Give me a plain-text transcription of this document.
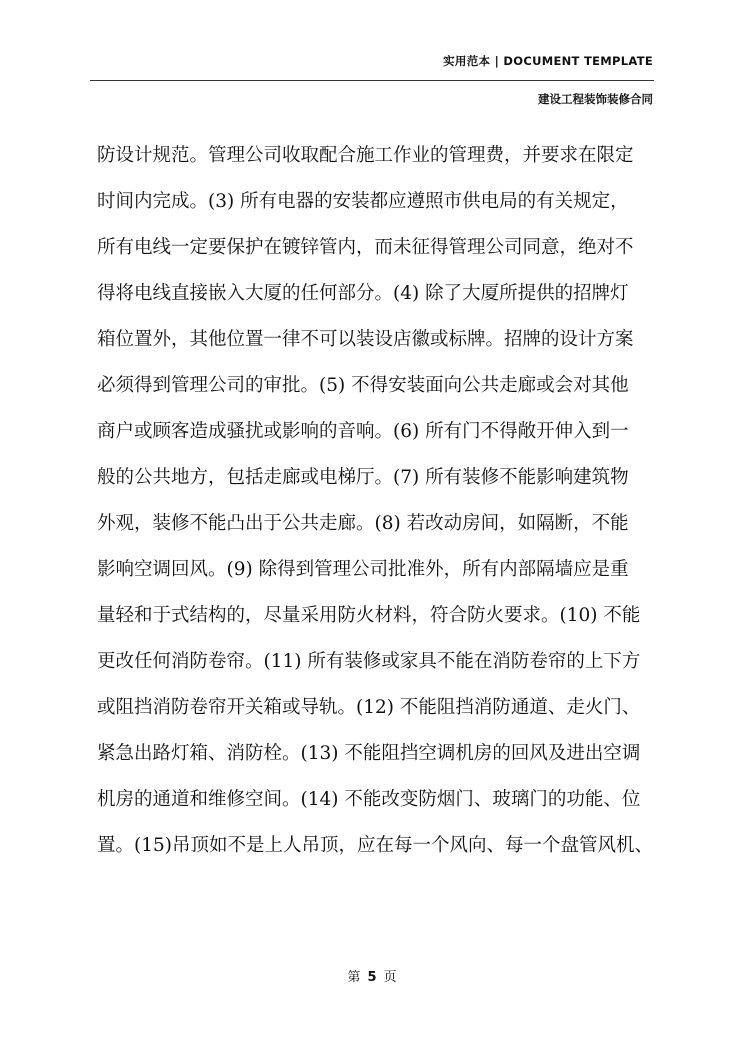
实用范本 | DOCUMENT TEMPLATE
建设工程装饰装修合同
防设计规范。管理公司收取配合施工作业的管理费，并要求在限定
时间内完成。(3) 所有电器的安装都应遵照市供电局的有关规定，
所有电线一定要保护在镀锌管内，而未征得管理公司同意，绝对不
得将电线直接嵌入大厦的任何部分。(4) 除了大厦所提供的招牌灯
箱位置外，其他位置一律不可以装设店徽或标牌。招牌的设计方案
必须得到管理公司的审批。(5) 不得安装面向公共走廊或会对其他
商户或顾客造成骚扰或影响的音响。(6) 所有门不得敞开伸入到一
般的公共地方，包括走廊或电梯厅。(7) 所有装修不能影响建筑物
外观，装修不能凸出于公共走廊。(8) 若改动房间，如隔断，不能
影响空调回风。(9) 除得到管理公司批准外，所有内部隔墙应是重
量轻和于式结构的，尽量采用防火材料，符合防火要求。(10) 不能
更改任何消防卷帘。(11) 所有装修或家具不能在消防卷帘的上下方
或阻挡消防卷帘开关箱或导轨。(12) 不能阻挡消防通道、走火门、
紧急出路灯箱、消防栓。(13) 不能阻挡空调机房的回风及进出空调
机房的通道和维修空间。(14) 不能改变防烟门、玻璃门的功能、位
置。(15)吊顶如不是上人吊顶，应在每一个风向、每一个盘管风机、
第 5 页
